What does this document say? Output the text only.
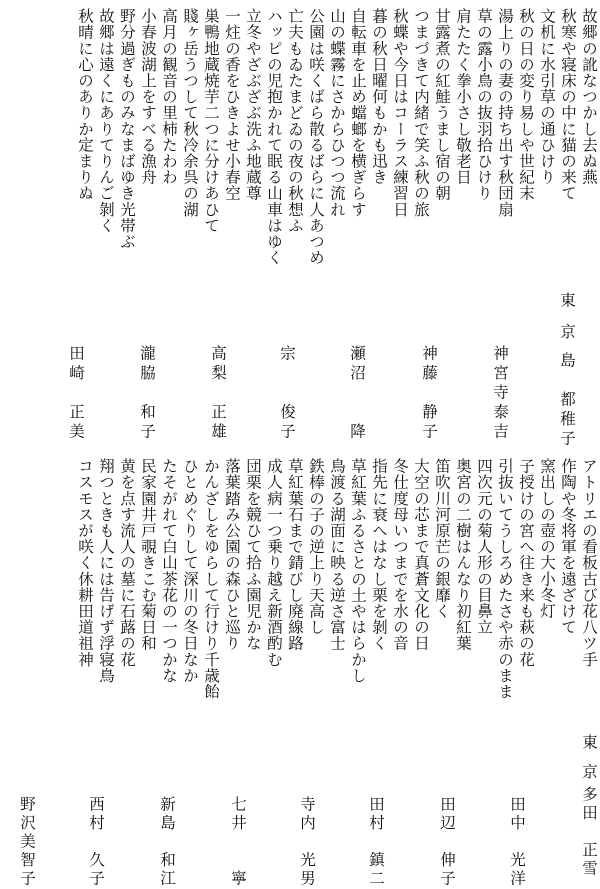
故郷の訛なつかし去ぬ燕
秋寒や寝床の中に猫の来て
文机に水引草の通ひけり
秋の日の変り易しや世紀末
湯上りの妻の持ち出す秋団扇
草の露小鳥の抜羽拾ひけり
肩たたく拳小さし敬老日
甘露煮の紅鮭うまし宿の朝
つまづきて内緒で笑ふ秋の旅
秋蝶や今日はコーラス練習日
暮の秋日曜何もかも迅き
自転車を止め蟷螂を横ぎらす
山の蝶霧にさからひつつ流れ
公園は咲くばら散るばらに人あつめ
亡夫もゐたまどゐの夜の秋想ふ
ハッピの児抱かれて眠る山車はゆく
立冬やざぶざぶ洗ふ地蔵尊
一炷の香をひきよせ小春空
巣鴨地蔵焼芋二つに分けあひて
賤ヶ岳うつして秋冷余呉の湖
高月の観音の里柿たわわ
小春波湖上をすべる漁舟
野分過ぎものみなまばゆき光帯ぶ
故郷は遠くにありてりんご剝く
秋晴に心のありか定まりぬ
東京
島　都稚子
神宮寺泰吉
神藤　静子
瀬沼　　降
宗　　俊子
高梨　正雄
瀧脇　和子
田崎　正美
アトリエの看板古び花八ツ手
作陶や冬将軍を遠ざけて
窯出しの壺の大小冬灯
子授けの宮へ往き来も萩の花
引抜いてうしろめたさや赤のまま
四次元の菊人形の目鼻立
奥宮の二樹はんなり初紅葉
笛吹川河原芒の銀靡く
大空の芯まで真蒼文化の日
冬仕度母いつまでを水の音
指先に衰へはなし栗を剝く
草紅葉ふるさとの土やはらかし
鳥渡る湖面に映る逆さ富士
鉄棒の子の逆上り天高し
草紅葉石まで錆びし廃線路
成人病一つ乗り越え新酒酌む
団栗を競ひて拾ふ園児かな
落葉踏み公園の森ひと巡り
かんざしをゆらして行けり千歳飴
ひとめぐりして深川の冬日なか
たそがれて白山茶花の一つかな
民家園井戸覗きこむ菊日和
黄を点す流人の墓に石蕗の花
翔つときも人には告げず浮寝鳥
コスモスが咲く休耕田道祖神
東京
多田　正雪
田中　光洋
田辺　伸子
田村　鎮二
寺内　光男
七井　　寧
新島　和江
西村　久子
野沢美智子
